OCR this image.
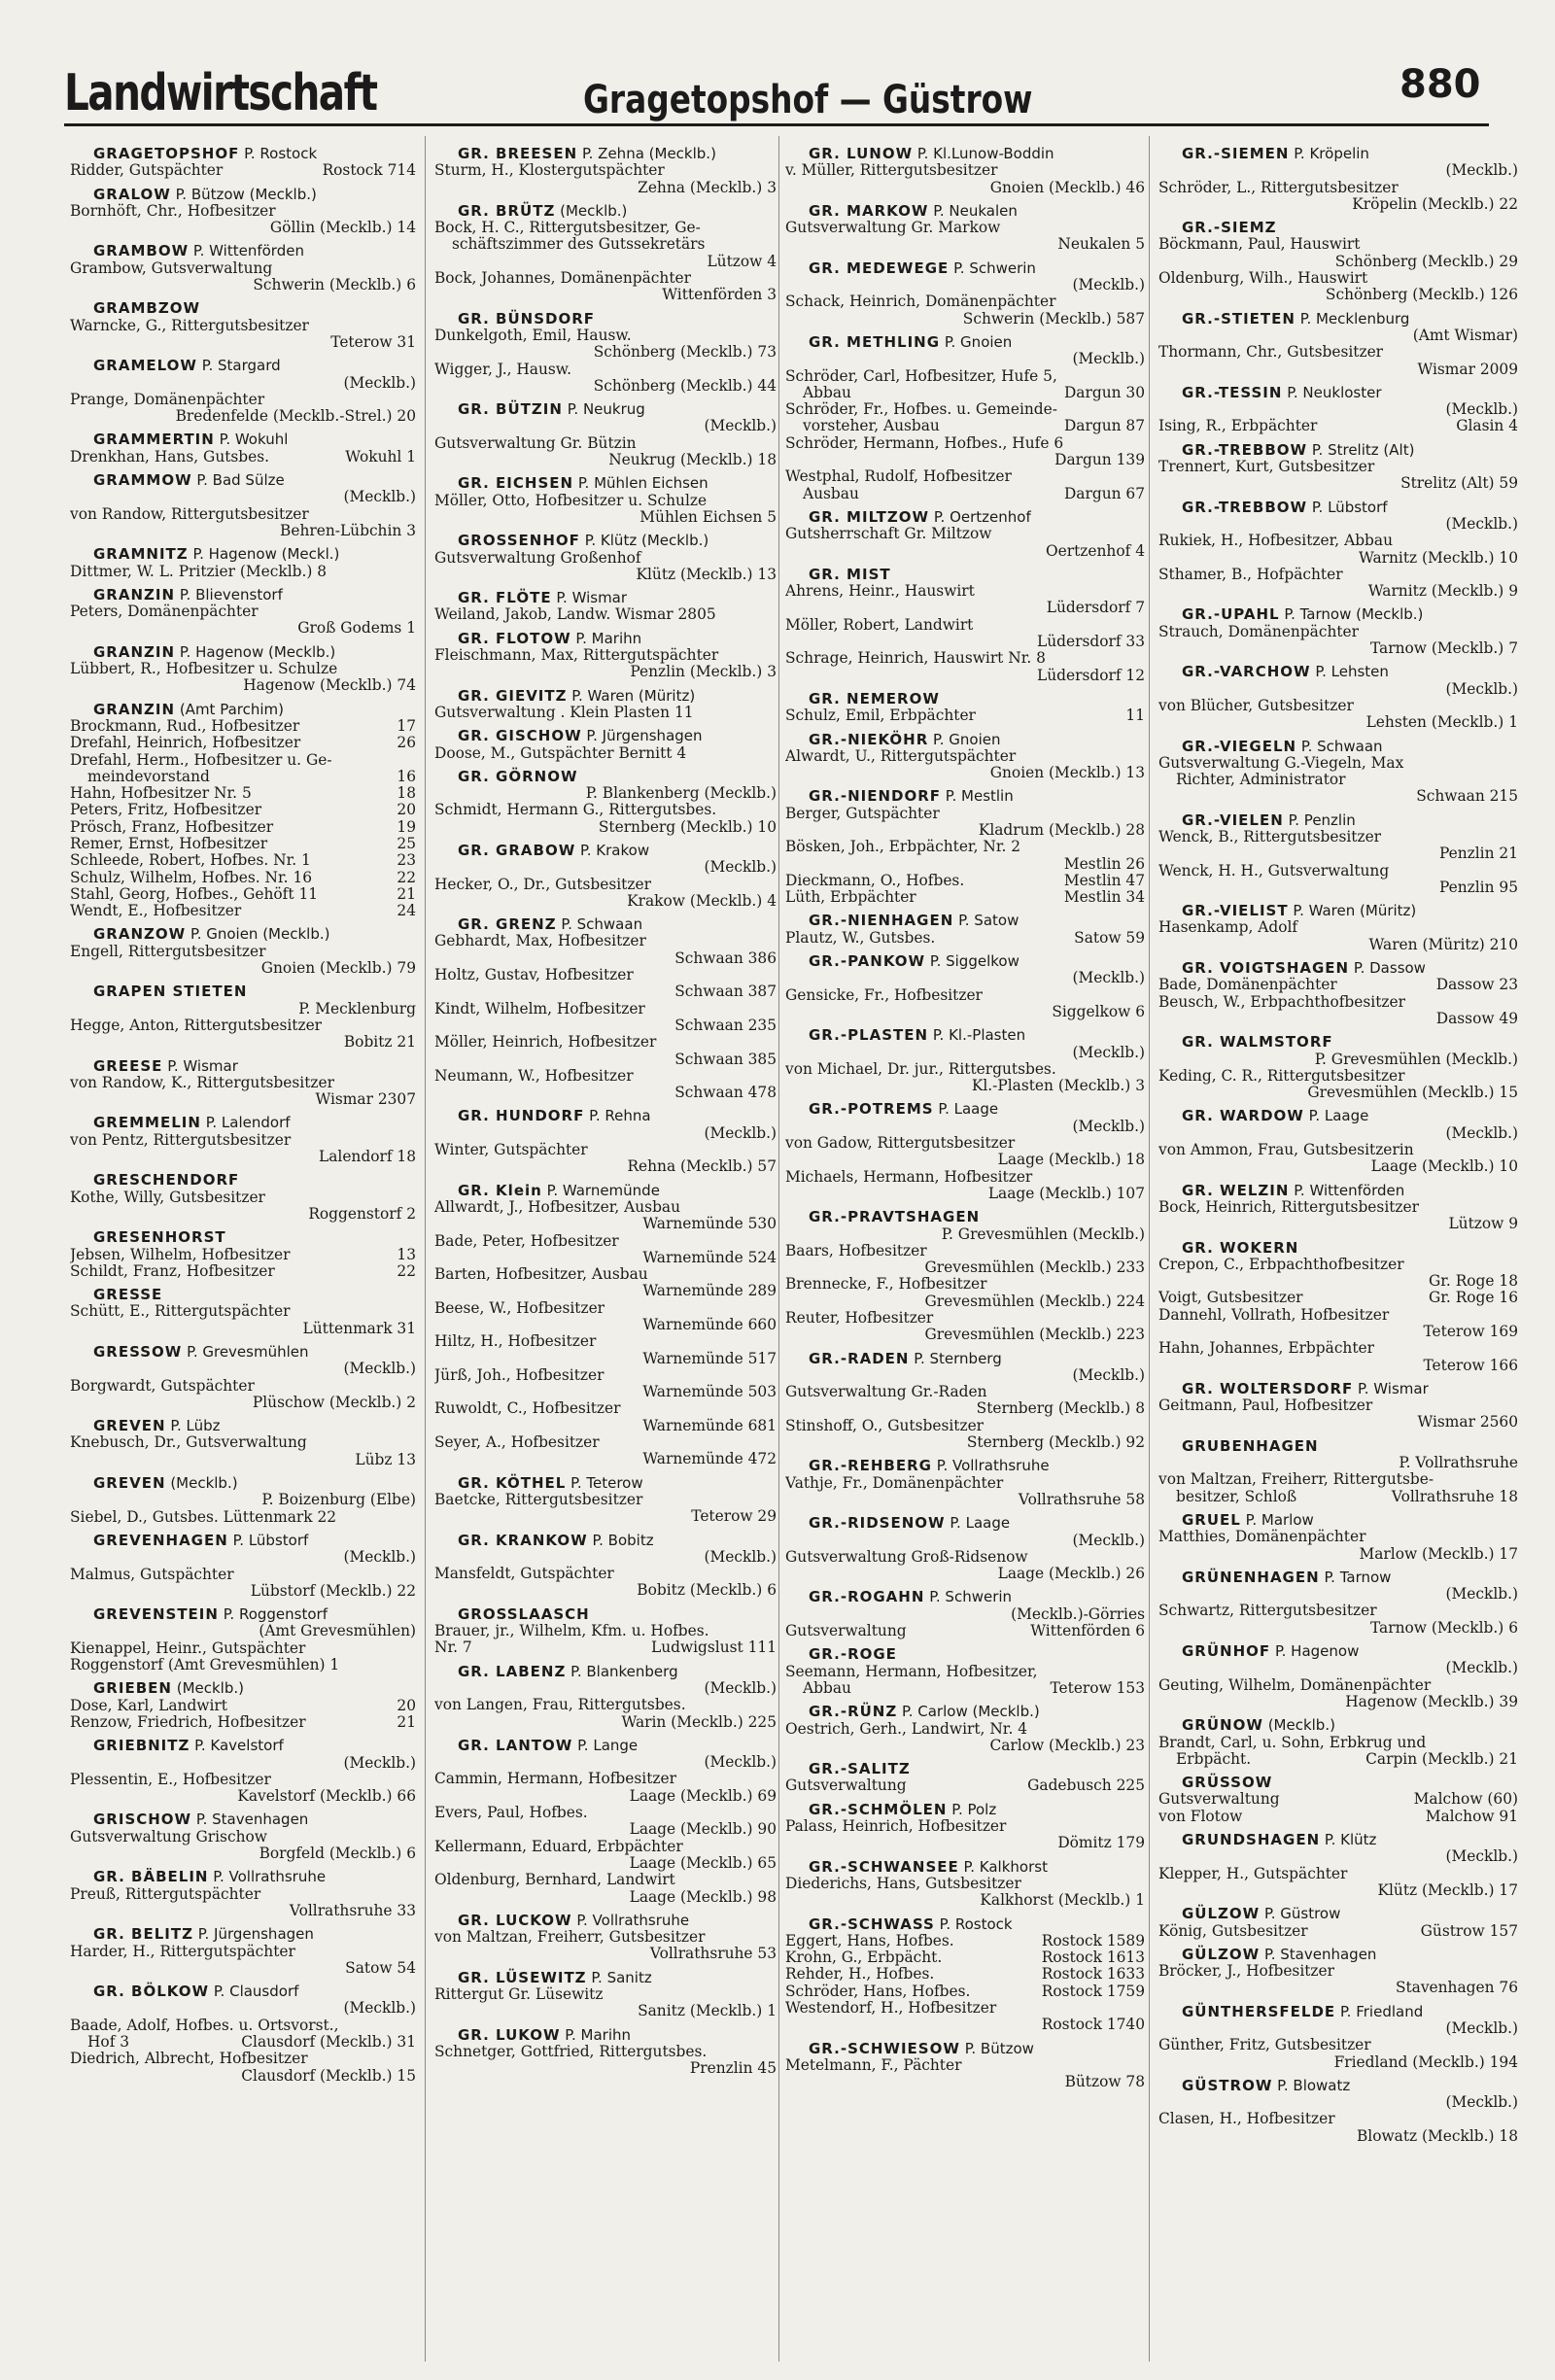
Landwirtschaft	Gragetopshof — Güstrow	880
GRAGETOPSHOF P. Rostock
Rostock 714
Ridder, Gutspächter
GRALOW P. Bützow (Mecklb.)
Bornhöft, Chr., Hofbesitzer
Göllin (Mecklb.) 14
GRAMBOW P. Wittenförden
Grambow, Gutsverwaltung
Schwerin (Mecklb.) 6
GRAMBZOW
Warncke, G., Rittergutsbesitzer
Teterow 31
GRAMELOW P. Stargard
(Mecklb.)
Prange, Domänenpächter
Bredenfelde (Mecklb.-Strel.) 20
GRAMMERTIN P. Wokuhl
Wokuhl 1
Drenkhan, Hans, Gutsbes.
GRAMMOW P. Bad Sülze
(Mecklb.)
von Randow, Rittergutsbesitzer
Behren-Lübchin 3
GRAMNITZ P. Hagenow (Meckl.)
Dittmer, W. L. Pritzier (Mecklb.) 8
GRANZIN P. Blievenstorf
Peters, Domänenpächter
Groß Godems 1
GRANZIN P. Hagenow (Mecklb.)
Lübbert, R., Hofbesitzer u. Schulze
Hagenow (Mecklb.) 74
GRANZIN (Amt Parchim)
17
Brockmann, Rud., Hofbesitzer
26
Drefahl, Heinrich, Hofbesitzer
Drefahl, Herm., Hofbesitzer u. Ge-
16
meindevorstand
18
Hahn, Hofbesitzer Nr. 5
20
Peters, Fritz, Hofbesitzer
19
Prösch, Franz, Hofbesitzer
25
Remer, Ernst, Hofbesitzer
23
Schleede, Robert, Hofbes. Nr. 1
22
Schulz, Wilhelm, Hofbes. Nr. 16
21
Stahl, Georg, Hofbes., Gehöft 11
24
Wendt, E., Hofbesitzer
GRANZOW P. Gnoien (Mecklb.)
Engell, Rittergutsbesitzer
Gnoien (Mecklb.) 79
GRAPEN STIETEN
P. Mecklenburg
Hegge, Anton, Rittergutsbesitzer
Bobitz 21
GREESE P. Wismar
von Randow, K., Rittergutsbesitzer
Wismar 2307
GREMMELIN P. Lalendorf
von Pentz, Rittergutsbesitzer
Lalendorf 18
GRESCHENDORF
Kothe, Willy, Gutsbesitzer
Roggenstorf 2
GRESENHORST
13
Jebsen, Wilhelm, Hofbesitzer
22
Schildt, Franz, Hofbesitzer
GRESSE
Schütt, E., Rittergutspächter
Lüttenmark 31
GRESSOW P. Grevesmühlen
(Mecklb.)
Borgwardt, Gutspächter
Plüschow (Mecklb.) 2
GREVEN P. Lübz
Knebusch, Dr., Gutsverwaltung
Lübz 13
GREVEN (Mecklb.)
P. Boizenburg (Elbe)
Siebel, D., Gutsbes. Lüttenmark 22
GREVENHAGEN P. Lübstorf
(Mecklb.)
Malmus, Gutspächter
Lübstorf (Mecklb.) 22
GREVENSTEIN P. Roggenstorf
(Amt Grevesmühlen)
Kienappel, Heinr., Gutspächter
Roggenstorf (Amt Grevesmühlen) 1
GRIEBEN (Mecklb.)
20
Dose, Karl, Landwirt
21
Renzow, Friedrich, Hofbesitzer
GRIEBNITZ P. Kavelstorf
(Mecklb.)
Plessentin, E., Hofbesitzer
Kavelstorf (Mecklb.) 66
GRISCHOW P. Stavenhagen
Gutsverwaltung Grischow
Borgfeld (Mecklb.) 6
GR. BÄBELIN P. Vollrathsruhe
Preuß, Rittergutspächter
Vollrathsruhe 33
GR. BELITZ P. Jürgenshagen
Harder, H., Rittergutspächter
Satow 54
GR. BÖLKOW P. Clausdorf
(Mecklb.)
Baade, Adolf, Hofbes. u. Ortsvorst.,
Clausdorf (Mecklb.) 31
Hof 3
Diedrich, Albrecht, Hofbesitzer
Clausdorf (Mecklb.) 15
GR. BREESEN P. Zehna (Mecklb.)
Sturm, H., Klostergutspächter
Zehna (Mecklb.) 3
GR. BRÜTZ (Mecklb.)
Bock, H. C., Rittergutsbesitzer, Ge-
schäftszimmer des Gutssekretärs
Lützow 4
Bock, Johannes, Domänenpächter
Wittenförden 3
GR. BÜNSDORF
Dunkelgoth, Emil, Hausw.
Schönberg (Mecklb.) 73
Wigger, J., Hausw.
Schönberg (Mecklb.) 44
GR. BÜTZIN P. Neukrug
(Mecklb.)
Gutsverwaltung Gr. Bützin
Neukrug (Mecklb.) 18
GR. EICHSEN P. Mühlen Eichsen
Möller, Otto, Hofbesitzer u. Schulze
Mühlen Eichsen 5
GROSSENHOF P. Klütz (Mecklb.)
Gutsverwaltung Großenhof
Klütz (Mecklb.) 13
GR. FLÖTE P. Wismar
Weiland, Jakob, Landw. Wismar 2805
GR. FLOTOW P. Marihn
Fleischmann, Max, Rittergutspächter
Penzlin (Mecklb.) 3
GR. GIEVITZ P. Waren (Müritz)
Gutsverwaltung . Klein Plasten 11
GR. GISCHOW P. Jürgenshagen
Doose, M., Gutspächter Bernitt 4
GR. GÖRNOW
P. Blankenberg (Mecklb.)
Schmidt, Hermann G., Rittergutsbes.
Sternberg (Mecklb.) 10
GR. GRABOW P. Krakow
(Mecklb.)
Hecker, O., Dr., Gutsbesitzer
Krakow (Mecklb.) 4
GR. GRENZ P. Schwaan
Gebhardt, Max, Hofbesitzer
Schwaan 386
Holtz, Gustav, Hofbesitzer
Schwaan 387
Kindt, Wilhelm, Hofbesitzer
Schwaan 235
Möller, Heinrich, Hofbesitzer
Schwaan 385
Neumann, W., Hofbesitzer
Schwaan 478
GR. HUNDORF P. Rehna
(Mecklb.)
Winter, Gutspächter
Rehna (Mecklb.) 57
GR. Klein P. Warnemünde
Allwardt, J., Hofbesitzer, Ausbau
Warnemünde 530
Bade, Peter, Hofbesitzer
Warnemünde 524
Barten, Hofbesitzer, Ausbau
Warnemünde 289
Beese, W., Hofbesitzer
Warnemünde 660
Hiltz, H., Hofbesitzer
Warnemünde 517
Jürß, Joh., Hofbesitzer
Warnemünde 503
Ruwoldt, C., Hofbesitzer
Warnemünde 681
Seyer, A., Hofbesitzer
Warnemünde 472
GR. KÖTHEL P. Teterow
Baetcke, Rittergutsbesitzer
Teterow 29
GR. KRANKOW P. Bobitz
(Mecklb.)
Mansfeldt, Gutspächter
Bobitz (Mecklb.) 6
GROSSLAASCH
Brauer, jr., Wilhelm, Kfm. u. Hofbes.
Ludwigslust 111
Nr. 7
GR. LABENZ P. Blankenberg
(Mecklb.)
von Langen, Frau, Rittergutsbes.
Warin (Mecklb.) 225
GR. LANTOW P. Lange
(Mecklb.)
Cammin, Hermann, Hofbesitzer
Laage (Mecklb.) 69
Evers, Paul, Hofbes.
Laage (Mecklb.) 90
Kellermann, Eduard, Erbpächter
Laage (Mecklb.) 65
Oldenburg, Bernhard, Landwirt
Laage (Mecklb.) 98
GR. LUCKOW P. Vollrathsruhe
von Maltzan, Freiherr, Gutsbesitzer
Vollrathsruhe 53
GR. LÜSEWITZ P. Sanitz
Rittergut Gr. Lüsewitz
Sanitz (Mecklb.) 1
GR. LUKOW P. Marihn
Schnetger, Gottfried, Rittergutsbes.
Prenzlin 45
GR. LUNOW P. Kl.Lunow-Boddin
v. Müller, Rittergutsbesitzer
Gnoien (Mecklb.) 46
GR. MARKOW P. Neukalen
Gutsverwaltung Gr. Markow
Neukalen 5
GR. MEDEWEGE P. Schwerin
(Mecklb.)
Schack, Heinrich, Domänenpächter
Schwerin (Mecklb.) 587
GR. METHLING P. Gnoien
(Mecklb.)
Schröder, Carl, Hofbesitzer, Hufe 5,
Dargun 30
Abbau
Schröder, Fr., Hofbes. u. Gemeinde-
Dargun 87
vorsteher, Ausbau
Schröder, Hermann, Hofbes., Hufe 6
Dargun 139
Westphal, Rudolf, Hofbesitzer
Dargun 67
Ausbau
GR. MILTZOW P. Oertzenhof
Gutsherrschaft Gr. Miltzow
Oertzenhof 4
GR. MIST
Ahrens, Heinr., Hauswirt
Lüdersdorf 7
Möller, Robert, Landwirt
Lüdersdorf 33
Schrage, Heinrich, Hauswirt Nr. 8
Lüdersdorf 12
GR. NEMEROW
11
Schulz, Emil, Erbpächter
GR.-NIEKÖHR P. Gnoien
Alwardt, U., Rittergutspächter
Gnoien (Mecklb.) 13
GR.-NIENDORF P. Mestlin
Berger, Gutspächter
Kladrum (Mecklb.) 28
Bösken, Joh., Erbpächter, Nr. 2
Mestlin 26
Mestlin 47
Dieckmann, O., Hofbes.
Mestlin 34
Lüth, Erbpächter
GR.-NIENHAGEN P. Satow
Satow 59
Plautz, W., Gutsbes.
GR.-PANKOW P. Siggelkow
(Mecklb.)
Gensicke, Fr., Hofbesitzer
Siggelkow 6
GR.-PLASTEN P. Kl.-Plasten
(Mecklb.)
von Michael, Dr. jur., Rittergutsbes.
Kl.-Plasten (Mecklb.) 3
GR.-POTREMS P. Laage
(Mecklb.)
von Gadow, Rittergutsbesitzer
Laage (Mecklb.) 18
Michaels, Hermann, Hofbesitzer
Laage (Mecklb.) 107
GR.-PRAVTSHAGEN
P. Grevesmühlen (Mecklb.)
Baars, Hofbesitzer
Grevesmühlen (Mecklb.) 233
Brennecke, F., Hofbesitzer
Grevesmühlen (Mecklb.) 224
Reuter, Hofbesitzer
Grevesmühlen (Mecklb.) 223
GR.-RADEN P. Sternberg
(Mecklb.)
Gutsverwaltung Gr.-Raden
Sternberg (Mecklb.) 8
Stinshoff, O., Gutsbesitzer
Sternberg (Mecklb.) 92
GR.-REHBERG P. Vollrathsruhe
Vathje, Fr., Domänenpächter
Vollrathsruhe 58
GR.-RIDSENOW P. Laage
(Mecklb.)
Gutsverwaltung Groß-Ridsenow
Laage (Mecklb.) 26
GR.-ROGAHN P. Schwerin
(Mecklb.)-Görries
Wittenförden 6
Gutsverwaltung
GR.-ROGE
Seemann, Hermann, Hofbesitzer,
Teterow 153
Abbau
GR.-RÜNZ P. Carlow (Mecklb.)
Oestrich, Gerh., Landwirt, Nr. 4
Carlow (Mecklb.) 23
GR.-SALITZ
Gadebusch 225
Gutsverwaltung
GR.-SCHMÖLEN P. Polz
Palass, Heinrich, Hofbesitzer
Dömitz 179
GR.-SCHWANSEE P. Kalkhorst
Diederichs, Hans, Gutsbesitzer
Kalkhorst (Mecklb.) 1
GR.-SCHWASS P. Rostock
Rostock 1589
Eggert, Hans, Hofbes.
Rostock 1613
Krohn, G., Erbpächt.
Rostock 1633
Rehder, H., Hofbes.
Rostock 1759
Schröder, Hans, Hofbes.
Westendorf, H., Hofbesitzer
Rostock 1740
GR.-SCHWIESOW P. Bützow
Metelmann, F., Pächter
Bützow 78
GR.-SIEMEN P. Kröpelin
(Mecklb.)
Schröder, L., Rittergutsbesitzer
Kröpelin (Mecklb.) 22
GR.-SIEMZ
Böckmann, Paul, Hauswirt
Schönberg (Mecklb.) 29
Oldenburg, Wilh., Hauswirt
Schönberg (Mecklb.) 126
GR.-STIETEN P. Mecklenburg
(Amt Wismar)
Thormann, Chr., Gutsbesitzer
Wismar 2009
GR.-TESSIN P. Neukloster
(Mecklb.)
Glasin 4
Ising, R., Erbpächter
GR.-TREBBOW P. Strelitz (Alt)
Trennert, Kurt, Gutsbesitzer
Strelitz (Alt) 59
GR.-TREBBOW P. Lübstorf
(Mecklb.)
Rukiek, H., Hofbesitzer, Abbau
Warnitz (Mecklb.) 10
Sthamer, B., Hofpächter
Warnitz (Mecklb.) 9
GR.-UPAHL P. Tarnow (Mecklb.)
Strauch, Domänenpächter
Tarnow (Mecklb.) 7
GR.-VARCHOW P. Lehsten
(Mecklb.)
von Blücher, Gutsbesitzer
Lehsten (Mecklb.) 1
GR.-VIEGELN P. Schwaan
Gutsverwaltung G.-Viegeln, Max
Richter, Administrator
Schwaan 215
GR.-VIELEN P. Penzlin
Wenck, B., Rittergutsbesitzer
Penzlin 21
Wenck, H. H., Gutsverwaltung
Penzlin 95
GR.-VIELIST P. Waren (Müritz)
Hasenkamp, Adolf
Waren (Müritz) 210
GR. VOIGTSHAGEN P. Dassow
Dassow 23
Bade, Domänenpächter
Beusch, W., Erbpachthofbesitzer
Dassow 49
GR. WALMSTORF
P. Grevesmühlen (Mecklb.)
Keding, C. R., Rittergutsbesitzer
Grevesmühlen (Mecklb.) 15
GR. WARDOW P. Laage
(Mecklb.)
von Ammon, Frau, Gutsbesitzerin
Laage (Mecklb.) 10
GR. WELZIN P. Wittenförden
Bock, Heinrich, Rittergutsbesitzer
Lützow 9
GR. WOKERN
Crepon, C., Erbpachthofbesitzer
Gr. Roge 18
Gr. Roge 16
Voigt, Gutsbesitzer
Dannehl, Vollrath, Hofbesitzer
Teterow 169
Hahn, Johannes, Erbpächter
Teterow 166
GR. WOLTERSDORF P. Wismar
Geitmann, Paul, Hofbesitzer
Wismar 2560
GRUBENHAGEN
P. Vollrathsruhe
von Maltzan, Freiherr, Rittergutsbe-
Vollrathsruhe 18
besitzer, Schloß
GRUEL P. Marlow
Matthies, Domänenpächter
Marlow (Mecklb.) 17
GRÜNENHAGEN P. Tarnow
(Mecklb.)
Schwartz, Rittergutsbesitzer
Tarnow (Mecklb.) 6
GRÜNHOF P. Hagenow
(Mecklb.)
Geuting, Wilhelm, Domänenpächter
Hagenow (Mecklb.) 39
GRÜNOW (Mecklb.)
Brandt, Carl, u. Sohn, Erbkrug und
Carpin (Mecklb.) 21
Erbpächt.
GRÜSSOW
Malchow (60)
Gutsverwaltung
Malchow 91
von Flotow
GRUNDSHAGEN P. Klütz
(Mecklb.)
Klepper, H., Gutspächter
Klütz (Mecklb.) 17
GÜLZOW P. Güstrow
Güstrow 157
König, Gutsbesitzer
GÜLZOW P. Stavenhagen
Bröcker, J., Hofbesitzer
Stavenhagen 76
GÜNTHERSFELDE P. Friedland
(Mecklb.)
Günther, Fritz, Gutsbesitzer
Friedland (Mecklb.) 194
GÜSTROW P. Blowatz
(Mecklb.)
Clasen, H., Hofbesitzer
Blowatz (Mecklb.) 18
